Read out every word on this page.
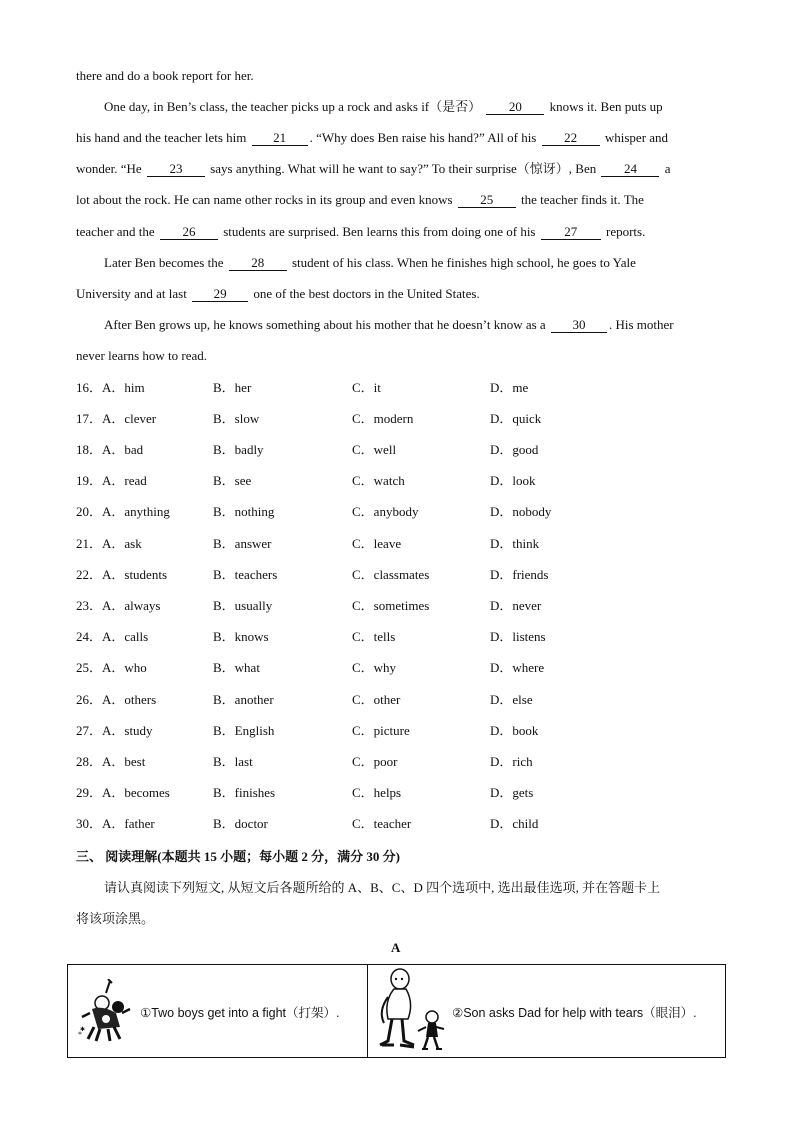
there and do a book report for her.
One day, in Ben’s class, the teacher picks up a rock and asks if（是否） 20 knows it. Ben puts up
his hand and the teacher lets him 21 . “Why does Ben raise his hand?” All of his 22 whisper and
wonder. “He 23 says anything. What will he want to say?” To their surprise（惊讶）, Ben 24 a
lot about the rock. He can name other rocks in its group and even knows 25 the teacher finds it. The
teacher and the 26 students are surprised. Ben learns this from doing one of his 27 reports.
Later Ben becomes the 28 student of his class. When he finishes high school, he goes to Yale
University and at last 29 one of the best doctors in the United States.
After Ben grows up, he knows something about his mother that he doesn’t know as a 30 . His mother
never learns how to read.
16． A．him	B．her	C．it	D．me
17． A．clever	B．slow	C．modern	D．quick
18． A．bad	B．badly	C．well	D．good
19． A．read	B．see	C．watch	D．look
20． A．anything	B．nothing	C．anybody	D．nobody
21． A．ask	B．answer	C．leave	D．think
22． A．students	B．teachers	C．classmates	D．friends
23． A．always	B．usually	C．sometimes	D．never
24． A．calls	B．knows	C．tells	D．listens
25． A．who	B．what	C．why	D．where
26． A．others	B．another	C．other	D．else
27． A．study	B．English	C．picture	D．book
28． A．best	B．last	C．poor	D．rich
29． A．becomes	B．finishes	C．helps	D．gets
30． A．father	B．doctor	C．teacher	D．child
三、 阅读理解(本题共 15 小题；每小题 2 分，满分 30 分)
请认真阅读下列短文, 从短文后各题所给的 A、B、C、D 四个选项中, 选出最佳选项, 并在答题卡上
将该项涂黑。
A
*
✱
①Two boys get into a fight（打架）.	②Son asks Dad for help with tears（眼泪）.
